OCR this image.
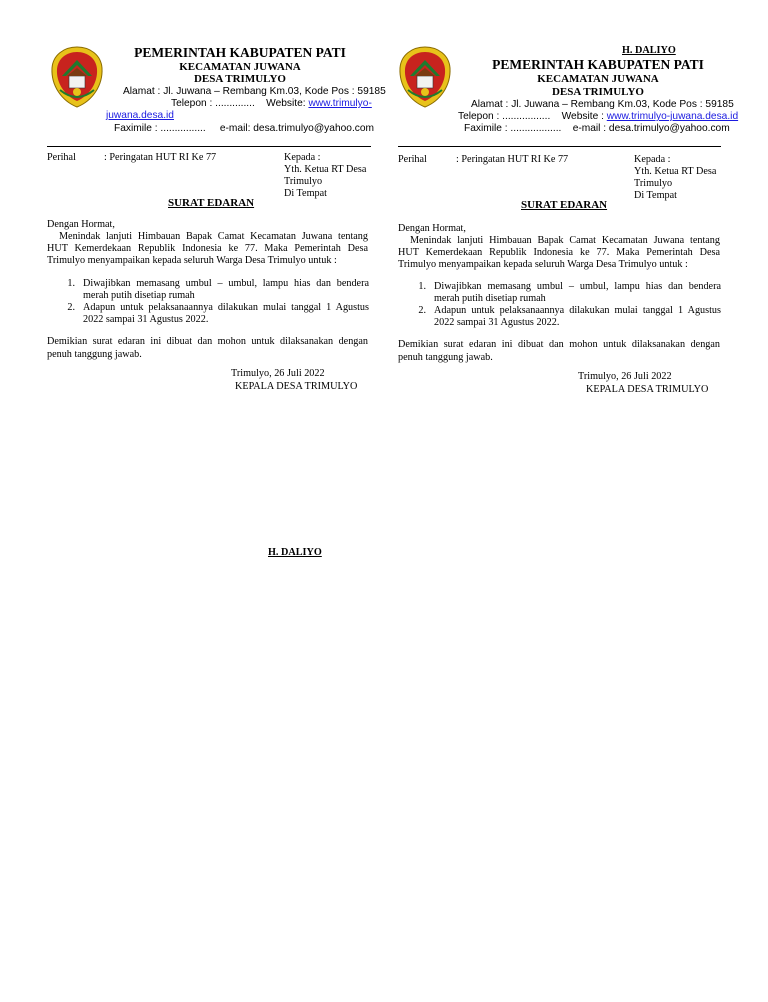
PEMERINTAH KABUPATEN PATI
KECAMATAN JUWANA
DESA TRIMULYO
Alamat : Jl. Juwana – Rembang Km.03, Kode Pos : 59185
Telepon : .............. Website: www.trimulyo-
juwana.desa.id
Faximile : ................ e-mail: desa.trimulyo@yahoo.com
Perihal	: Peringatan HUT RI Ke 77	Kepada :
Yth. Ketua RT Desa
Trimulyo
Di Tempat
SURAT EDARAN
Dengan Hormat,
Menindak lanjuti Himbauan Bapak Camat Kecamatan Juwana tentang HUT Kemerdekaan Republik Indonesia ke 77. Maka Pemerintah Desa Trimulyo menyampaikan kepada seluruh Warga Desa Trimulyo untuk :
1. Diwajibkan memasang umbul – umbul, lampu hias dan bendera merah putih disetiap rumah
2. Adapun untuk pelaksanaannya dilakukan mulai tanggal 1 Agustus 2022 sampai 31 Agustus 2022.
Demikian surat edaran ini dibuat dan mohon untuk dilaksanakan dengan penuh tanggung jawab.
Trimulyo, 26 Juli 2022
KEPALA DESA TRIMULYO
H. DALIYO
H. DALIYO
PEMERINTAH KABUPATEN PATI
KECAMATAN JUWANA
DESA TRIMULYO
Alamat : Jl. Juwana – Rembang Km.03, Kode Pos : 59185
Telepon : ................. Website : www.trimulyo-juwana.desa.id
Faximile : .................. e-mail : desa.trimulyo@yahoo.com
Perihal	: Peringatan HUT RI Ke 77	Kepada :
Yth. Ketua RT Desa
Trimulyo
Di Tempat
SURAT EDARAN
Dengan Hormat,
Menindak lanjuti Himbauan Bapak Camat Kecamatan Juwana tentang HUT Kemerdekaan Republik Indonesia ke 77. Maka Pemerintah Desa Trimulyo menyampaikan kepada seluruh Warga Desa Trimulyo untuk :
1. Diwajibkan memasang umbul – umbul, lampu hias dan bendera merah putih disetiap rumah
2. Adapun untuk pelaksanaannya dilakukan mulai tanggal 1 Agustus 2022 sampai 31 Agustus 2022.
Demikian surat edaran ini dibuat dan mohon untuk dilaksanakan dengan penuh tanggung jawab.
Trimulyo, 26 Juli 2022
KEPALA DESA TRIMULYO
